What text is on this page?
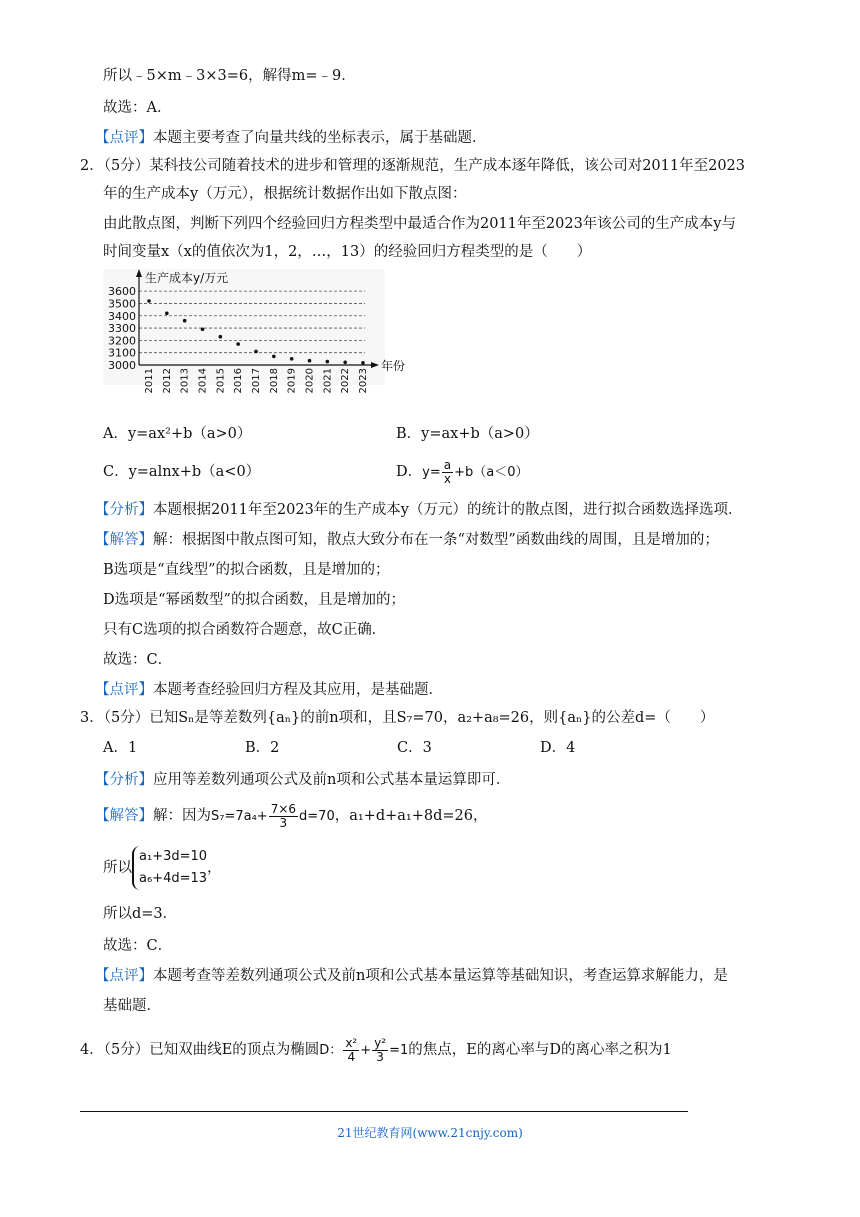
所以﹣5×m﹣3×3=6，解得m=﹣9．
故选：A．
【点评】本题主要考查了向量共线的坐标表示，属于基础题．
2．（5分）某科技公司随着技术的进步和管理的逐渐规范，生产成本逐年降低，该公司对2011年至2023
年的生产成本y（万元），根据统计数据作出如下散点图：
由此散点图，判断下列四个经验回归方程类型中最适合作为2011年至2023年该公司的生产成本y与
时间变量x（x的值依次为1，2，…，13）的经验回归方程类型的是（　　）
3600
3500
3400
3300
3200
3100
3000
生产成本y/万元
年份
2011 2012 2013 2014 2015 2016 2017 2018 2019 2020 2021 2022 2023
A．y=ax²+b（a>0）	B．y=ax+b（a>0）
C．y=alnx+b（a<0）	D．$y= \frac{a}{x} +b(a<0)$
【分析】本题根据2011年至2023年的生产成本y（万元）的统计的散点图，进行拟合函数选择选项．
【解答】解：根据图中散点图可知，散点大致分布在一条“对数型”函数曲线的周围，且是增加的；
B选项是“直线型”的拟合函数，且是增加的；
D选项是“幂函数型”的拟合函数，且是增加的；
只有C选项的拟合函数符合题意，故C正确．
故选：C．
【点评】本题考查经验回归方程及其应用，是基础题．
3．（5分）已知Sₙ是等差数列{aₙ}的前n项和，且S₇=70，a₂+a₈=26，则{aₙ}的公差d=（　　）
A．1	B．2	C．3	D．4
【分析】应用等差数列通项公式及前n项和公式基本量运算即可．
【解答】解：因为$S_7=7a_4+ \frac{7\times 6}{3} d=70$，a₁+d+a₁+8d=26，
所以
a₁+3d=10
a₆+4d=13
，
所以d=3．
故选：C．
【点评】本题考查等差数列通项公式及前n项和公式基本量运算等基础知识，考查运算求解能力，是
基础题．
4．（5分）已知双曲线E的顶点为椭圆D： $\frac{\text{x²}}{4} + \frac{\text{y²}}{3} =1$的焦点，E的离心率与D的离心率之积为1
21世纪教育网(www.21cnjy.com)
